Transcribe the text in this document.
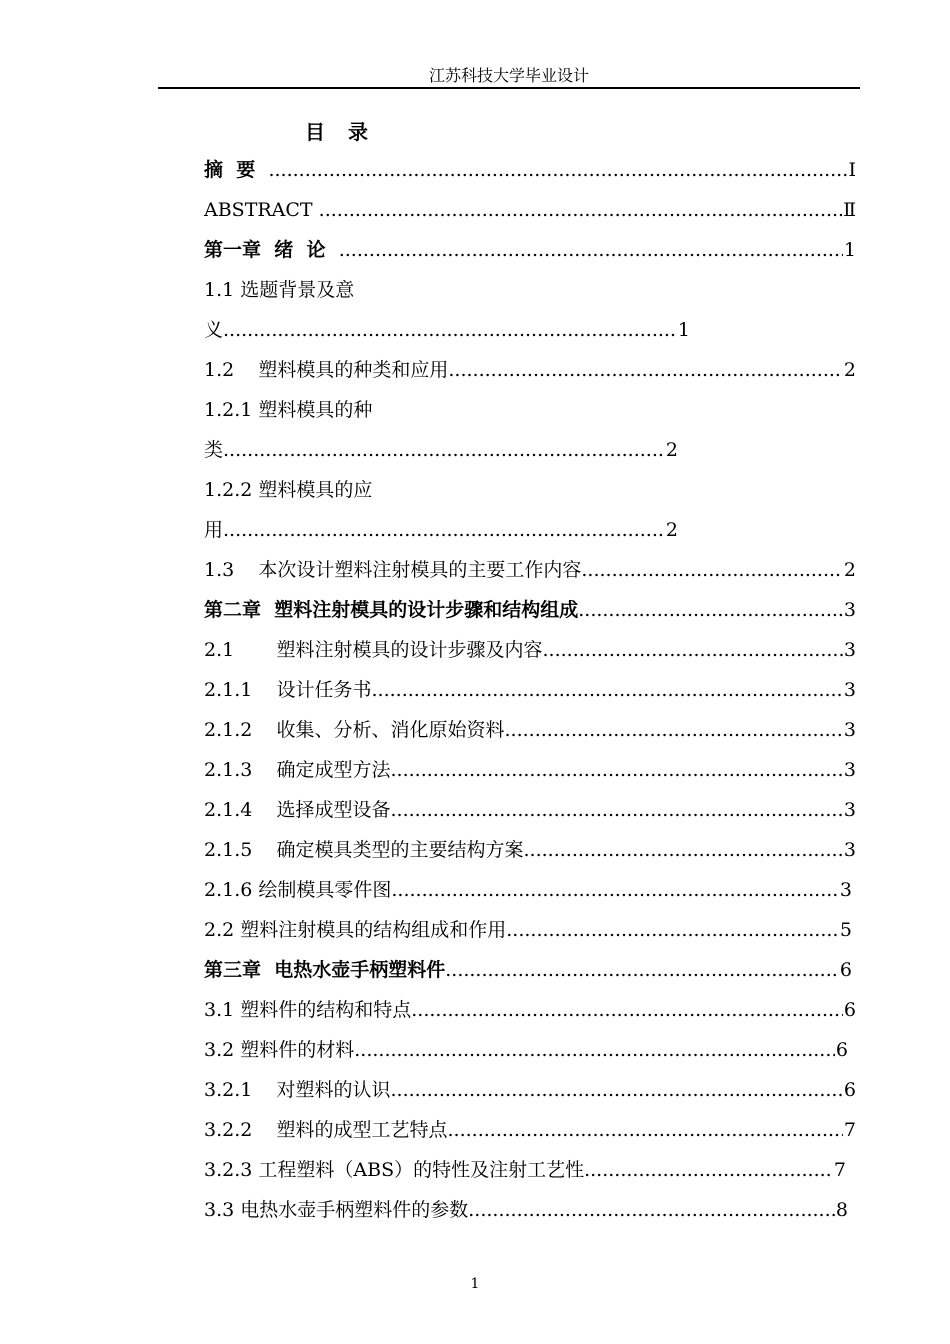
江苏科技大学毕业设计
目 录
摘  要 .....	I
ABSTRACT .....	Ⅱ
第一章  绪  论 .....	1
1.1 选题背景及意
义 .....	1
1.2    塑料模具的种类和应用 .....	2
1.2.1 塑料模具的种
类 .....	2
1.2.2 塑料模具的应
用 .....	2
1.3    本次设计塑料注射模具的主要工作内容 .....	2
第二章  塑料注射模具的设计步骤和结构组成 .....	3
2.1       塑料注射模具的设计步骤及内容 .....	3
2.1.1    设计任务书 .....	3
2.1.2    收集、分析、消化原始资料 .....	3
2.1.3    确定成型方法 .....	3
2.1.4    选择成型设备 .....	3
2.1.5    确定模具类型的主要结构方案 .....	3
2.1.6 绘制模具零件图 .....	3
2.2 塑料注射模具的结构组成和作用 .....	5
第三章  电热水壶手柄塑料件 .....	6
3.1 塑料件的结构和特点 .....	6
3.2 塑料件的材料 .....	6
3.2.1    对塑料的认识 .....	6
3.2.2    塑料的成型工艺特点 .....	7
3.2.3 工程塑料（ABS）的特性及注射工艺性 .....	7
3.3 电热水壶手柄塑料件的参数 .....	8
1
